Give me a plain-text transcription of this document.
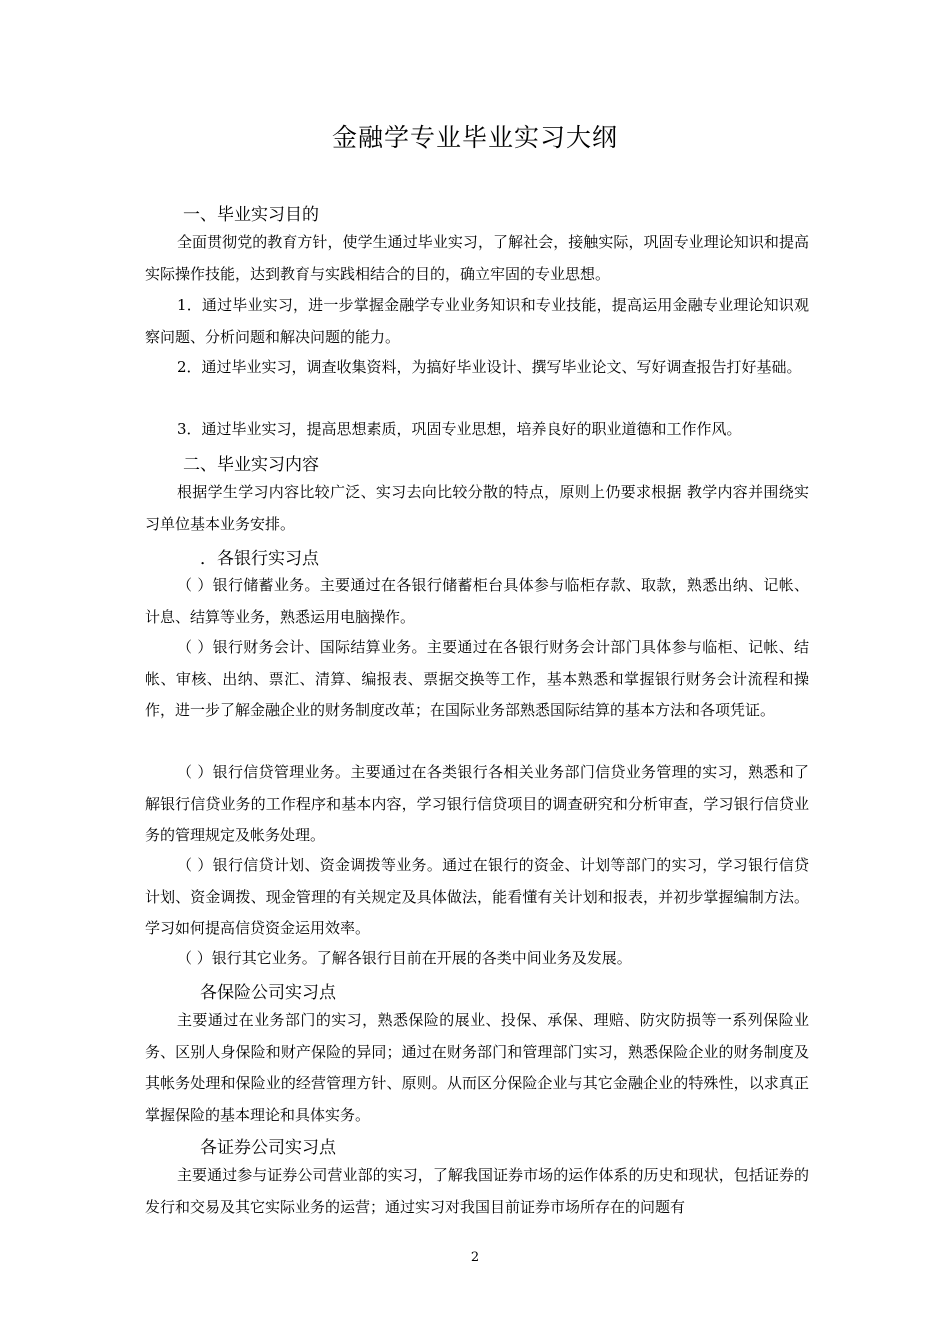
金融学专业毕业实习大纲
一、毕业实习目的

全面贯彻党的教育方针，使学生通过毕业实习，了解社会，接触实际，巩固专业理论知识和提高实际操作技能，达到教育与实践相结合的目的，确立牢固的专业思想。

1．通过毕业实习，进一步掌握金融学专业业务知识和专业技能，提高运用金融专业理论知识观察问题、分析问题和解决问题的能力。

2．通过毕业实习，调查收集资料，为搞好毕业设计、撰写毕业论文、写好调查报告打好基础。

3．通过毕业实习，提高思想素质，巩固专业思想，培养良好的职业道德和工作作风。

二、毕业实习内容

根据学生学习内容比较广泛、实习去向比较分散的特点，原则上仍要求根据 教学内容并围绕实习单位基本业务安排。

．各银行实习点

（ ）银行储蓄业务。主要通过在各银行储蓄柜台具体参与临柜存款、取款，熟悉出纳、记帐、计息、结算等业务，熟悉运用电脑操作。

（ ）银行财务会计、国际结算业务。主要通过在各银行财务会计部门具体参与临柜、记帐、结帐、审核、出纳、票汇、清算、编报表、票据交换等工作，基本熟悉和掌握银行财务会计流程和操作，进一步了解金融企业的财务制度改革；在国际业务部熟悉国际结算的基本方法和各项凭证。

（ ）银行信贷管理业务。主要通过在各类银行各相关业务部门信贷业务管理的实习，熟悉和了解银行信贷业务的工作程序和基本内容，学习银行信贷项目的调查研究和分析审查，学习银行信贷业务的管理规定及帐务处理。

（ ）银行信贷计划、资金调拨等业务。通过在银行的资金、计划等部门的实习，学习银行信贷计划、资金调拨、现金管理的有关规定及具体做法，能看懂有关计划和报表，并初步掌握编制方法。学习如何提高信贷资金运用效率。

（ ）银行其它业务。了解各银行目前在开展的各类中间业务及发展。

各保险公司实习点

主要通过在业务部门的实习，熟悉保险的展业、投保、承保、理赔、防灾防损等一系列保险业务、区别人身保险和财产保险的异同；通过在财务部门和管理部门实习，熟悉保险企业的财务制度及其帐务处理和保险业的经营管理方针、原则。从而区分保险企业与其它金融企业的特殊性，以求真正掌握保险的基本理论和具体实务。

各证券公司实习点

主要通过参与证券公司营业部的实习，了解我国证券市场的运作体系的历史和现状，包括证券的发行和交易及其它实际业务的运营；通过实习对我国目前证券市场所存在的问题有

2
